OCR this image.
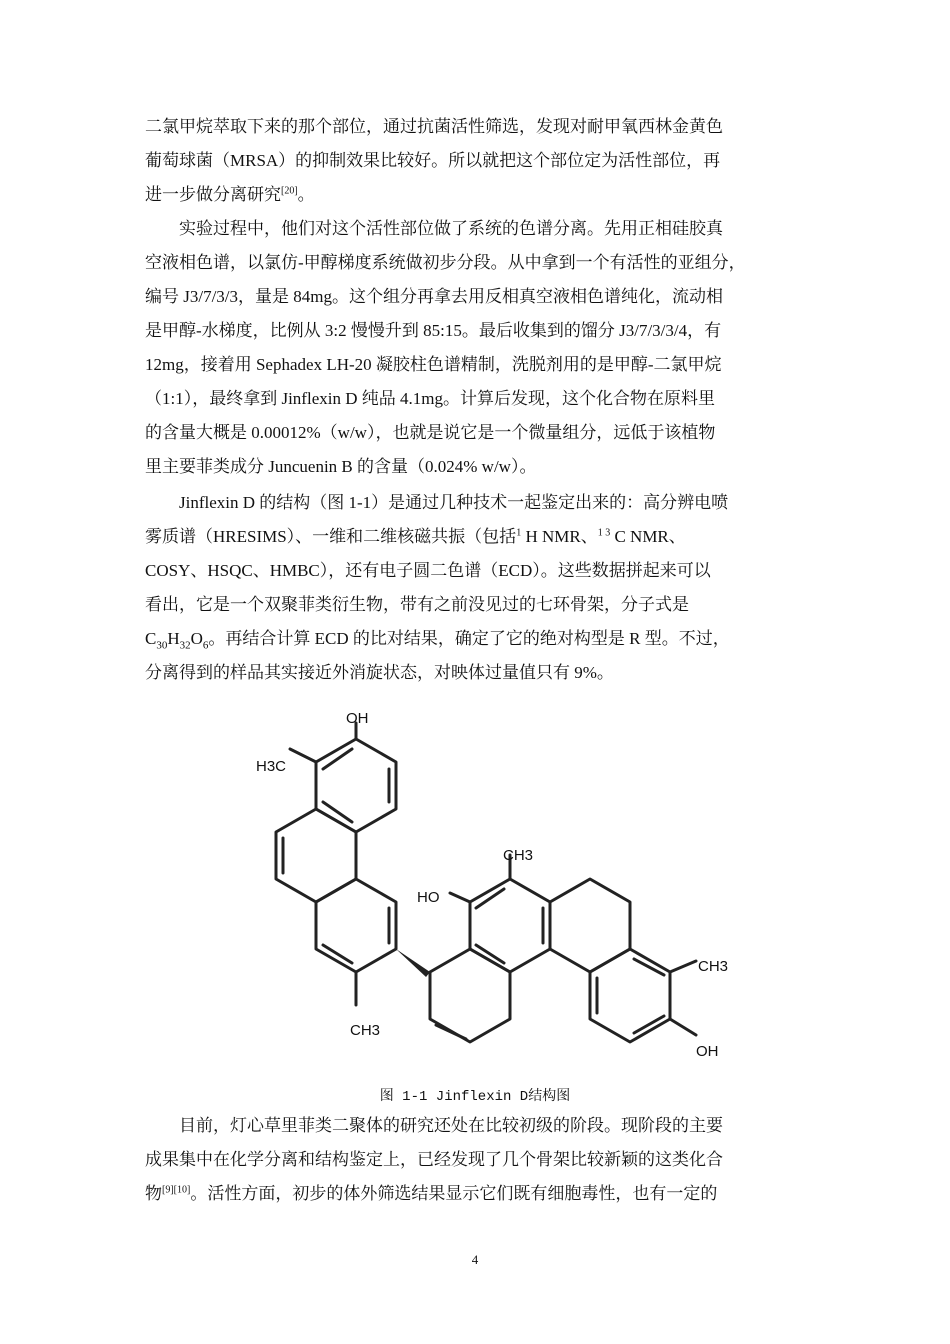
二氯甲烷萃取下来的那个部位，通过抗菌活性筛选，发现对耐甲氧西林金黄色
葡萄球菌（MRSA）的抑制效果比较好。所以就把这个部位定为活性部位，再
进一步做分离研究[20]。

实验过程中，他们对这个活性部位做了系统的色谱分离。先用正相硅胶真
空液相色谱，以氯仿-甲醇梯度系统做初步分段。从中拿到一个有活性的亚组分，
编号 J3/7/3/3，量是 84mg。这个组分再拿去用反相真空液相色谱纯化，流动相
是甲醇-水梯度，比例从 3:2 慢慢升到 85:15。最后收集到的馏分 J3/7/3/3/4，有
12mg，接着用 Sephadex LH-20 凝胶柱色谱精制，洗脱剂用的是甲醇-二氯甲烷
（1:1），最终拿到 Jinflexin D 纯品 4.1mg。计算后发现，这个化合物在原料里
的含量大概是 0.00012%（w/w），也就是说它是一个微量组分，远低于该植物
里主要菲类成分 Juncuenin B 的含量（0.024% w/w）。

Jinflexin D 的结构（图 1-1）是通过几种技术一起鉴定出来的：高分辨电喷
雾质谱（HRESIMS）、一维和二维核磁共振（包括$^1$ H NMR、$^{1 3}$ C NMR、
COSY、HSQC、HMBC），还有电子圆二色谱（ECD）。这些数据拼起来可以
看出，它是一个双聚菲类衍生物，带有之前没见过的七环骨架，分子式是
$C_{30}H_{32}O_6$。再结合计算 ECD 的比对结果，确定了它的绝对构型是 R 型。不过，
分离得到的样品其实接近外消旋状态，对映体过量值只有 9%。

OH
H3C
CH3
HO
CH3
CH3
OH
图 1-1 Jinflexin D结构图

目前，灯心草里菲类二聚体的研究还处在比较初级的阶段。现阶段的主要
成果集中在化学分离和结构鉴定上，已经发现了几个骨架比较新颖的这类化合
物[9][10]。活性方面，初步的体外筛选结果显示它们既有细胞毒性，也有一定的

4
